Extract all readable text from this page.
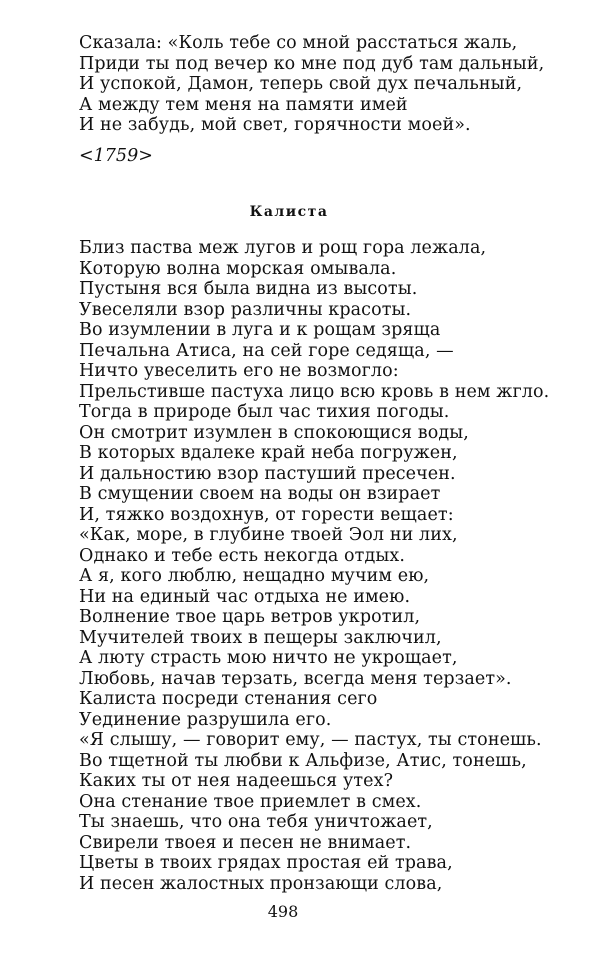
Сказала: «Коль тебе со мной расстаться жаль,
Приди ты под вечер ко мне под дуб там дальный,
И успокой, Дамон, теперь свой дух печальный,
А между тем меня на памяти имей
И не забудь, мой свет, горячности моей».
<1759>
Калиста
Близ паства меж лугов и рощ гора лежала,
Которую волна морская омывала.
Пустыня вся была видна из высоты.
Увеселяли взор различны красоты.
Во изумлении в луга и к рощам зряща
Печальна Атиса, на сей горе седяща, —
Ничто увеселить его не возмогло:
Прельстивше пастуха лицо всю кровь в нем жгло.
Тогда в природе был час тихия погоды.
Он смотрит изумлен в спокоющися воды,
В которых вдалеке край неба погружен,
И дальностию взор пастуший пресечен.
В смущении своем на воды он взирает
И, тяжко воздохнув, от горести вещает:
«Как, море, в глубине твоей Эол ни лих,
Однако и тебе есть некогда отдых.
А я, кого люблю, нещадно мучим ею,
Ни на единый час отдыха не имею.
Волнение твое царь ветров укротил,
Мучителей твоих в пещеры заключил,
А люту страсть мою ничто не укрощает,
Любовь, начав терзать, всегда меня терзает».
Калиста посреди стенания сего
Уединение разрушила его.
«Я слышу, — говорит ему, — пастух, ты стонешь.
Во тщетной ты любви к Альфизе, Атис, тонешь,
Каких ты от нея надеешься утех?
Она стенание твое приемлет в смех.
Ты знаешь, что она тебя уничтожает,
Свирели твоея и песен не внимает.
Цветы в твоих грядах простая ей трава,
И песен жалостных пронзающи слова,
498
